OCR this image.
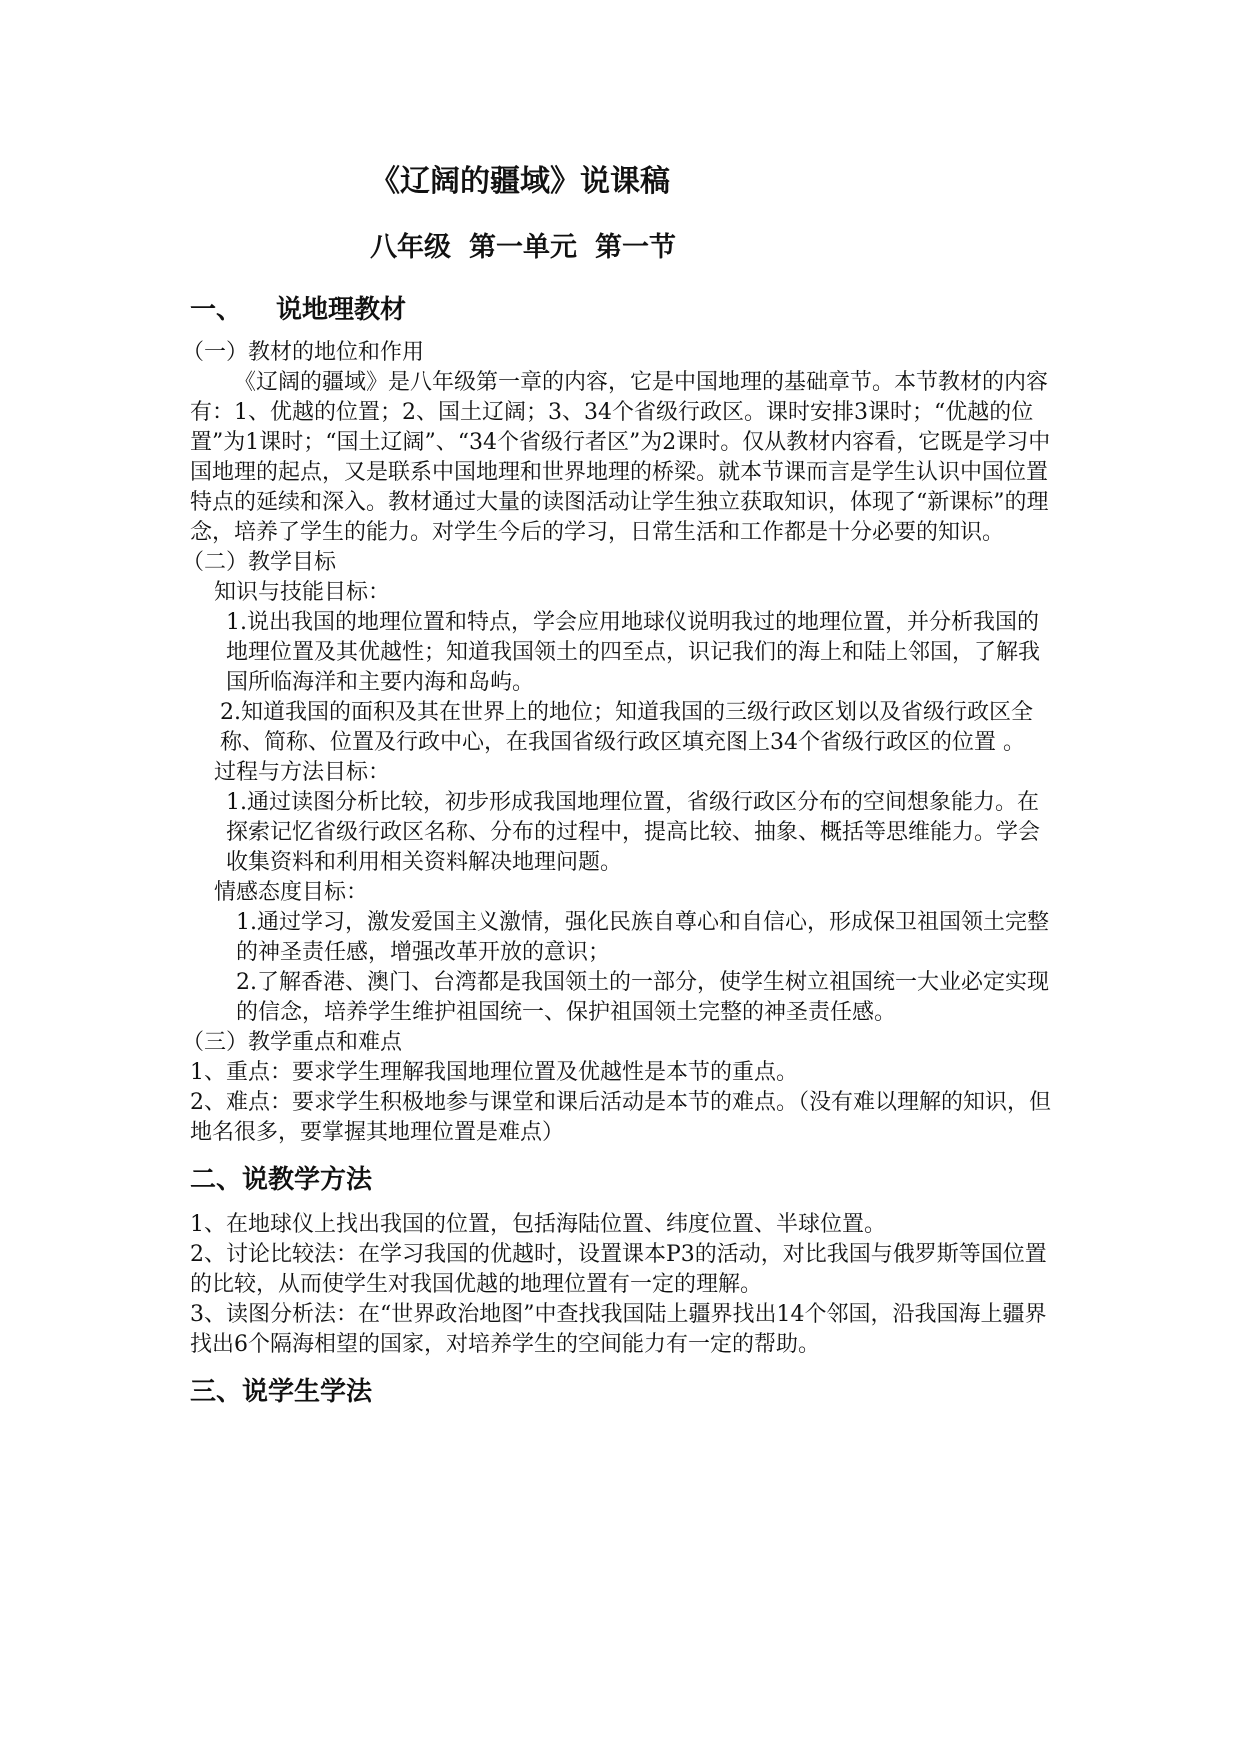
《辽阔的疆域》说课稿
八年级 第一单元 第一节
一、 说地理教材

（一）教材的地位和作用

《辽阔的疆域》是八年级第一章的内容，它是中国地理的基础章节。本节教材的内容有：1、优越的位置；2、国土辽阔；3、34个省级行政区。课时安排3课时；“优越的位置”为1课时；“国土辽阔”、“34个省级行者区”为2课时。仅从教材内容看，它既是学习中国地理的起点，又是联系中国地理和世界地理的桥梁。就本节课而言是学生认识中国位置特点的延续和深入。教材通过大量的读图活动让学生独立获取知识，体现了“新课标”的理念，培养了学生的能力。对学生今后的学习，日常生活和工作都是十分必要的知识。

（二）教学目标

知识与技能目标：

1.说出我国的地理位置和特点，学会应用地球仪说明我过的地理位置，并分析我国的地理位置及其优越性；知道我国领土的四至点，识记我们的海上和陆上邻国，了解我国所临海洋和主要内海和岛屿。

2.知道我国的面积及其在世界上的地位；知道我国的三级行政区划以及省级行政区全称、简称、位置及行政中心，在我国省级行政区填充图上34个省级行政区的位置 。

过程与方法目标：

1.通过读图分析比较，初步形成我国地理位置，省级行政区分布的空间想象能力。在探索记忆省级行政区名称、分布的过程中，提高比较、抽象、概括等思维能力。学会收集资料和利用相关资料解决地理问题。

情感态度目标：

1.通过学习，激发爱国主义激情，强化民族自尊心和自信心，形成保卫祖国领土完整的神圣责任感，增强改革开放的意识；

2.了解香港、澳门、台湾都是我国领土的一部分，使学生树立祖国统一大业必定实现的信念，培养学生维护祖国统一、保护祖国领土完整的神圣责任感。

（三）教学重点和难点

1、重点：要求学生理解我国地理位置及优越性是本节的重点。

2、难点：要求学生积极地参与课堂和课后活动是本节的难点。（没有难以理解的知识，但地名很多，要掌握其地理位置是难点）

二、说教学方法

1、在地球仪上找出我国的位置，包括海陆位置、纬度位置、半球位置。

2、讨论比较法：在学习我国的优越时，设置课本P3的活动，对比我国与俄罗斯等国位置的比较，从而使学生对我国优越的地理位置有一定的理解。

3、读图分析法：在“世界政治地图”中查找我国陆上疆界找出14个邻国，沿我国海上疆界找出6个隔海相望的国家，对培养学生的空间能力有一定的帮助。

三、说学生学法
